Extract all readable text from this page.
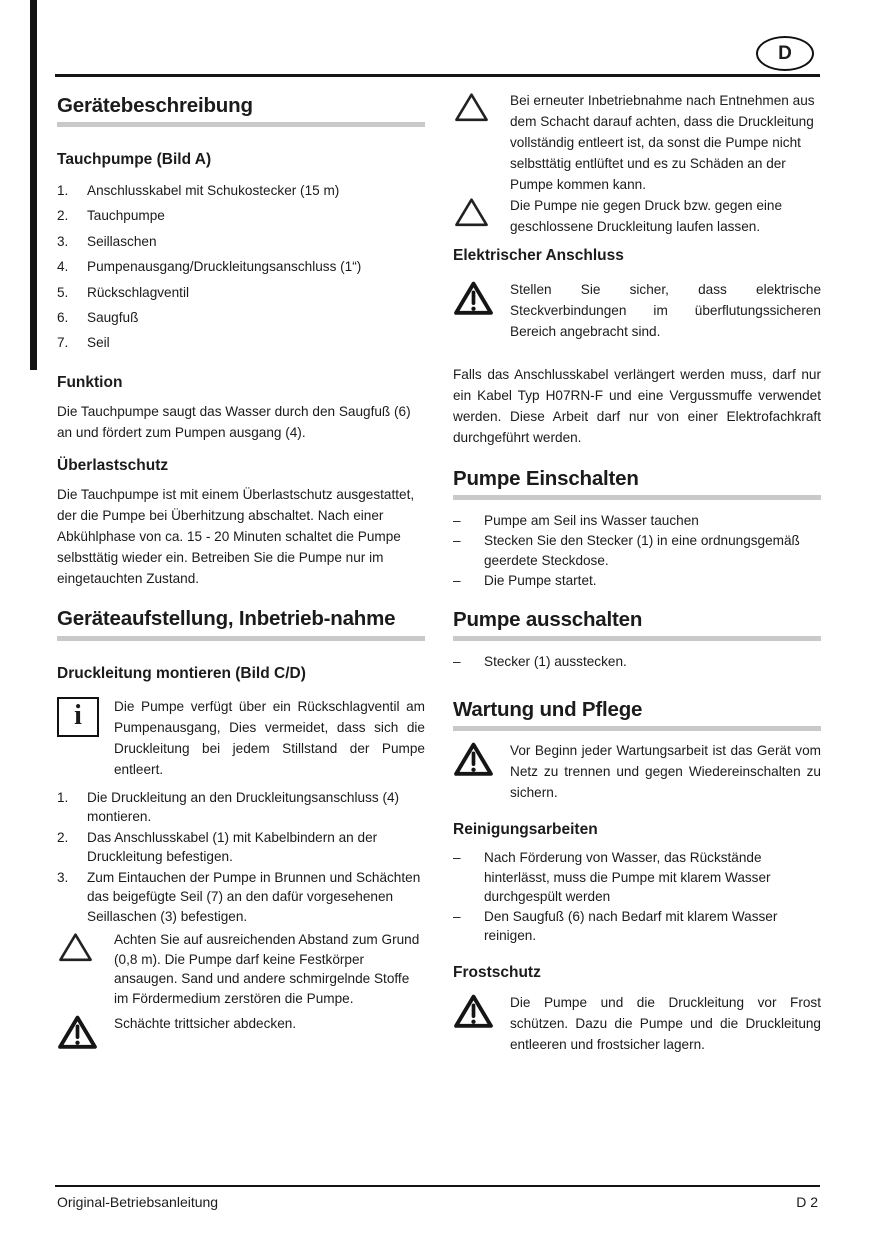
D
Gerätebeschreibung
Tauchpumpe (Bild A)
1.	Anschlusskabel mit Schukostecker (15 m)
2.	Tauchpumpe
3.	Seillaschen
4.	Pumpenausgang/Druckleitungsanschluss (1“)
5.	Rückschlagventil
6.	Saugfuß
7.	Seil
Funktion

Die Tauchpumpe saugt das Wasser durch den Saugfuß (6) an und fördert zum Pumpen ausgang (4).

Überlastschutz

Die Tauchpumpe ist mit einem Überlastschutz ausgestattet, der die Pumpe bei Überhitzung abschaltet. Nach einer Abkühlphase von ca. 15 - 20 Minuten schaltet die Pumpe selbsttätig wieder ein. Betreiben Sie die Pumpe nur im eingetauchten Zustand.

Geräteaufstellung, Inbetrieb-nahme
Druckleitung montieren (Bild C/D)
i Die Pumpe verfügt über ein Rückschlagventil am Pumpenausgang, Dies vermeidet, dass sich die Druckleitung bei jedem Stillstand der Pumpe entleert.

1.	Die Druckleitung an den Druckleitungsanschluss (4) montieren.
2.	Das Anschlusskabel (1) mit Kabelbindern an der Druckleitung befestigen.
3.	Zum Eintauchen der Pumpe in Brunnen und Schächten das beigefügte Seil (7) an den dafür vorgesehenen Seillaschen (3) befestigen.

Achten Sie auf ausreichenden Abstand zum Grund (0,8 m). Die Pumpe darf keine Festkörper ansaugen. Sand und andere schmirgelnde Stoffe im Fördermedium zerstören die Pumpe.

Schächte trittsicher abdecken.

Bei erneuter Inbetriebnahme nach Entnehmen aus dem Schacht darauf achten, dass die Druckleitung vollständig entleert ist, da sonst die Pumpe nicht selbsttätig entlüftet und es zu Schäden an der Pumpe kommen kann.

Die Pumpe nie gegen Druck bzw. gegen eine geschlossene Druckleitung laufen lassen.

Elektrischer Anschluss

Stellen Sie sicher, dass elektrische Steckverbindungen im überflutungssicheren Bereich angebracht sind.

Falls das Anschlusskabel verlängert werden muss, darf nur ein Kabel Typ H07RN-F und eine Vergussmuffe verwendet werden. Diese Arbeit darf nur von einer Elektrofachkraft durchgeführt werden.

Pumpe Einschalten
–	Pumpe am Seil ins Wasser tauchen
–	Stecken Sie den Stecker (1) in eine ordnungsgemäß geerdete Steckdose.
–	Die Pumpe startet.
Pumpe ausschalten
–	Stecker (1) ausstecken.
Wartung und Pflege

Vor Beginn jeder Wartungsarbeit ist das Gerät vom Netz zu trennen und gegen Wiedereinschalten zu sichern.

Reinigungsarbeiten
–	Nach Förderung von Wasser, das Rückstände hinterlässt, muss die Pumpe mit klarem Wasser durchgespült werden
–	Den Saugfuß (6) nach Bedarf mit klarem Wasser reinigen.
Frostschutz

Die Pumpe und die Druckleitung vor Frost schützen. Dazu die Pumpe und die Druckleitung entleeren und frostsicher lagern.

Original-Betriebsanleitung	D 2
